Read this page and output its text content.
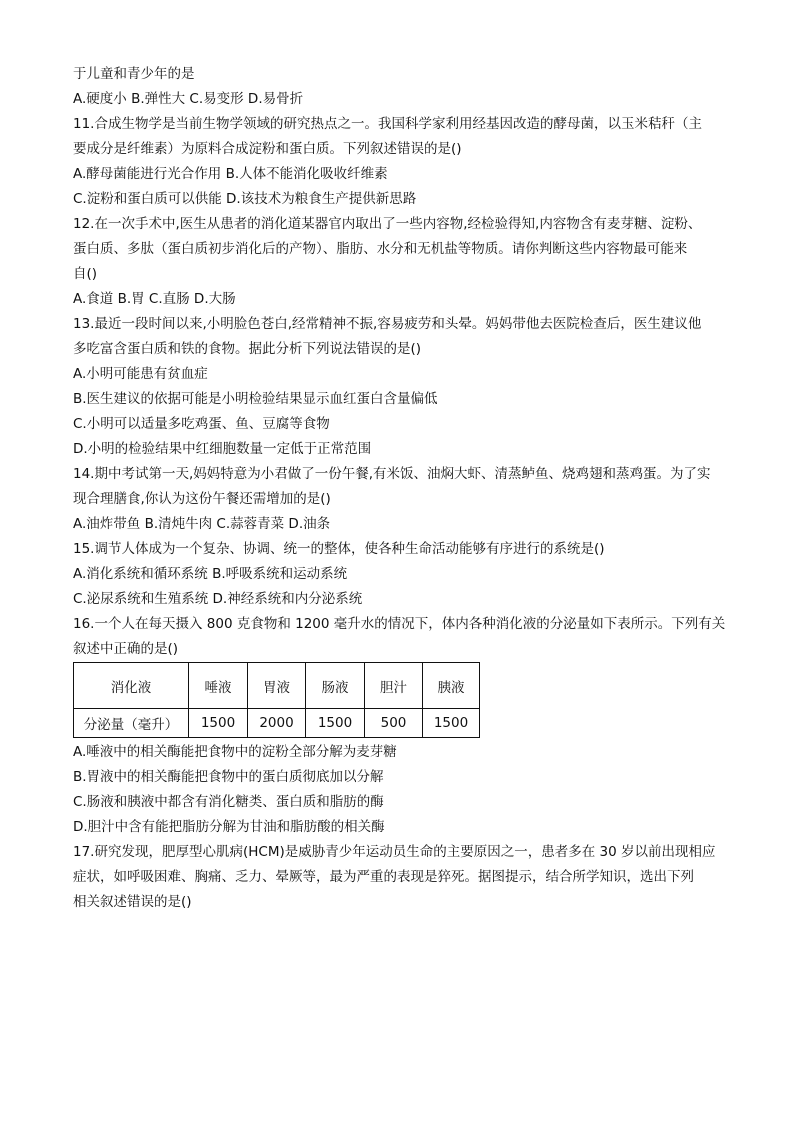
于儿童和青少年的是
A.硬度小 B.弹性大 C.易变形 D.易骨折
11.合成生物学是当前生物学领域的研究热点之一。我国科学家利用经基因改造的酵母菌，以玉米秸秆（主
要成分是纤维素）为原料合成淀粉和蛋白质。下列叙述错误的是()
A.酵母菌能进行光合作用 B.人体不能消化吸收纤维素
C.淀粉和蛋白质可以供能 D.该技术为粮食生产提供新思路
12.在一次手术中,医生从患者的消化道某器官内取出了一些内容物,经检验得知,内容物含有麦芽糖、淀粉、
蛋白质、多肽（蛋白质初步消化后的产物）、脂肪、水分和无机盐等物质。请你判断这些内容物最可能来
自()
A.食道 B.胃 C.直肠 D.大肠
13.最近一段时间以来,小明脸色苍白,经常精神不振,容易疲劳和头晕。妈妈带他去医院检查后，医生建议他
多吃富含蛋白质和铁的食物。据此分析下列说法错误的是()
A.小明可能患有贫血症
B.医生建议的依据可能是小明检验结果显示血红蛋白含量偏低
C.小明可以适量多吃鸡蛋、鱼、豆腐等食物
D.小明的检验结果中红细胞数量一定低于正常范围
14.期中考试第一天,妈妈特意为小君做了一份午餐,有米饭、油焖大虾、清蒸鲈鱼、烧鸡翅和蒸鸡蛋。为了实
现合理膳食,你认为这份午餐还需增加的是()
A.油炸带鱼 B.清炖牛肉 C.蒜蓉青菜 D.油条
15.调节人体成为一个复杂、协调、统一的整体，使各种生命活动能够有序进行的系统是()
A.消化系统和循环系统 B.呼吸系统和运动系统
C.泌尿系统和生殖系统 D.神经系统和内分泌系统
16.一个人在每天摄入 800 克食物和 1200 毫升水的情况下，体内各种消化液的分泌量如下表所示。下列有关
叙述中正确的是()
消化液	唾液	胃液	肠液	胆汁	胰液
分泌量（毫升）	1500	2000	1500	500	1500
A.唾液中的相关酶能把食物中的淀粉全部分解为麦芽糖
B.胃液中的相关酶能把食物中的蛋白质彻底加以分解
C.肠液和胰液中都含有消化糖类、蛋白质和脂肪的酶
D.胆汁中含有能把脂肪分解为甘油和脂肪酸的相关酶
17.研究发现，肥厚型心肌病(HCM)是威胁青少年运动员生命的主要原因之一，患者多在 30 岁以前出现相应
症状，如呼吸困难、胸痛、乏力、晕厥等，最为严重的表现是猝死。据图提示，结合所学知识，选出下列
相关叙述错误的是()
